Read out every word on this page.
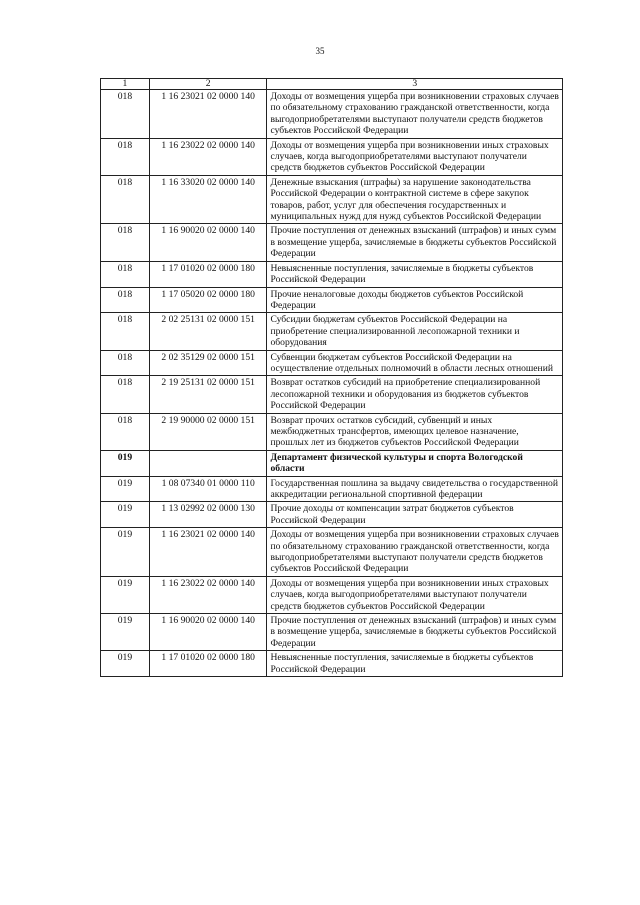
35
1	2	3
018	1 16 23021 02 0000 140	Доходы от возмещения ущерба при возникновении страховых случаев по обязательному страхованию гражданской ответственности, когда выгодоприобретателями выступают получатели средств бюджетов субъектов Российской Федерации
018	1 16 23022 02 0000 140	Доходы от возмещения ущерба при возникновении иных страховых случаев, когда выгодоприобретателями выступают получатели средств бюджетов субъектов Российской Федерации
018	1 16 33020 02 0000 140	Денежные взыскания (штрафы) за нарушение законодательства Российской Федерации о контрактной системе в сфере закупок товаров, работ, услуг для обеспечения государственных и муниципальных нужд для нужд субъектов Российской Федерации
018	1 16 90020 02 0000 140	Прочие поступления от денежных взысканий (штрафов) и иных сумм в возмещение ущерба, зачисляемые в бюджеты субъектов Российской Федерации
018	1 17 01020 02 0000 180	Невыясненные поступления, зачисляемые в бюджеты субъектов Российской Федерации
018	1 17 05020 02 0000 180	Прочие неналоговые доходы бюджетов субъектов Российской Федерации
018	2 02 25131 02 0000 151	Субсидии бюджетам субъектов Российской Федерации на приобретение специализированной лесопожарной техники и оборудования
018	2 02 35129 02 0000 151	Субвенции бюджетам субъектов Российской Федерации на осуществление отдельных полномочий в области лесных отношений
018	2 19 25131 02 0000 151	Возврат остатков субсидий на приобретение специализированной лесопожарной техники и оборудования из бюджетов субъектов Российской Федерации
018	2 19 90000 02 0000 151	Возврат прочих остатков субсидий, субвенций и иных межбюджетных трансфертов, имеющих целевое назначение, прошлых лет из бюджетов субъектов Российской Федерации
019		Департамент физической культуры и спорта Вологодской области
019	1 08 07340 01 0000 110	Государственная пошлина за выдачу свидетельства о государственной аккредитации региональной спортивной федерации
019	1 13 02992 02 0000 130	Прочие доходы от компенсации затрат бюджетов субъектов Российской Федерации
019	1 16 23021 02 0000 140	Доходы от возмещения ущерба при возникновении страховых случаев по обязательному страхованию гражданской ответственности, когда выгодоприобретателями выступают получатели средств бюджетов субъектов Российской Федерации
019	1 16 23022 02 0000 140	Доходы от возмещения ущерба при возникновении иных страховых случаев, когда выгодоприобретателями выступают получатели средств бюджетов субъектов Российской Федерации
019	1 16 90020 02 0000 140	Прочие поступления от денежных взысканий (штрафов) и иных сумм в возмещение ущерба, зачисляемые в бюджеты субъектов Российской Федерации
019	1 17 01020 02 0000 180	Невыясненные поступления, зачисляемые в бюджеты субъектов Российской Федерации
